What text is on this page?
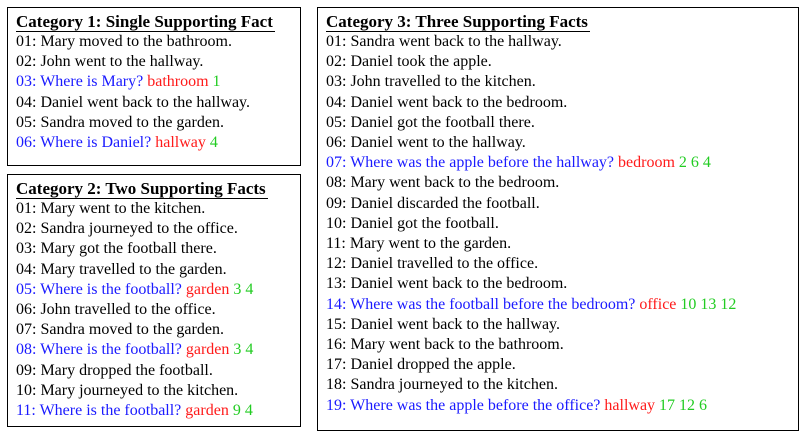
Category 1: Single Supporting Fact
01: Mary moved to the bathroom.
02: John went to the hallway.
03: Where is Mary? bathroom 1
04: Daniel went back to the hallway.
05: Sandra moved to the garden.
06: Where is Daniel? hallway 4
Category 2: Two Supporting Facts
01: Mary went to the kitchen.
02: Sandra journeyed to the office.
03: Mary got the football there.
04: Mary travelled to the garden.
05: Where is the football? garden 3 4
06: John travelled to the office.
07: Sandra moved to the garden.
08: Where is the football? garden 3 4
09: Mary dropped the football.
10: Mary journeyed to the kitchen.
11: Where is the football? garden 9 4
Category 3: Three Supporting Facts
01: Sandra went back to the hallway.
02: Daniel took the apple.
03: John travelled to the kitchen.
04: Daniel went back to the bedroom.
05: Daniel got the football there.
06: Daniel went to the hallway.
07: Where was the apple before the hallway? bedroom 2 6 4
08: Mary went back to the bedroom.
09: Daniel discarded the football.
10: Daniel got the football.
11: Mary went to the garden.
12: Daniel travelled to the office.
13: Daniel went back to the bedroom.
14: Where was the football before the bedroom? office 10 13 12
15: Daniel went back to the hallway.
16: Mary went back to the bathroom.
17: Daniel dropped the apple.
18: Sandra journeyed to the kitchen.
19: Where was the apple before the office? hallway 17 12 6
